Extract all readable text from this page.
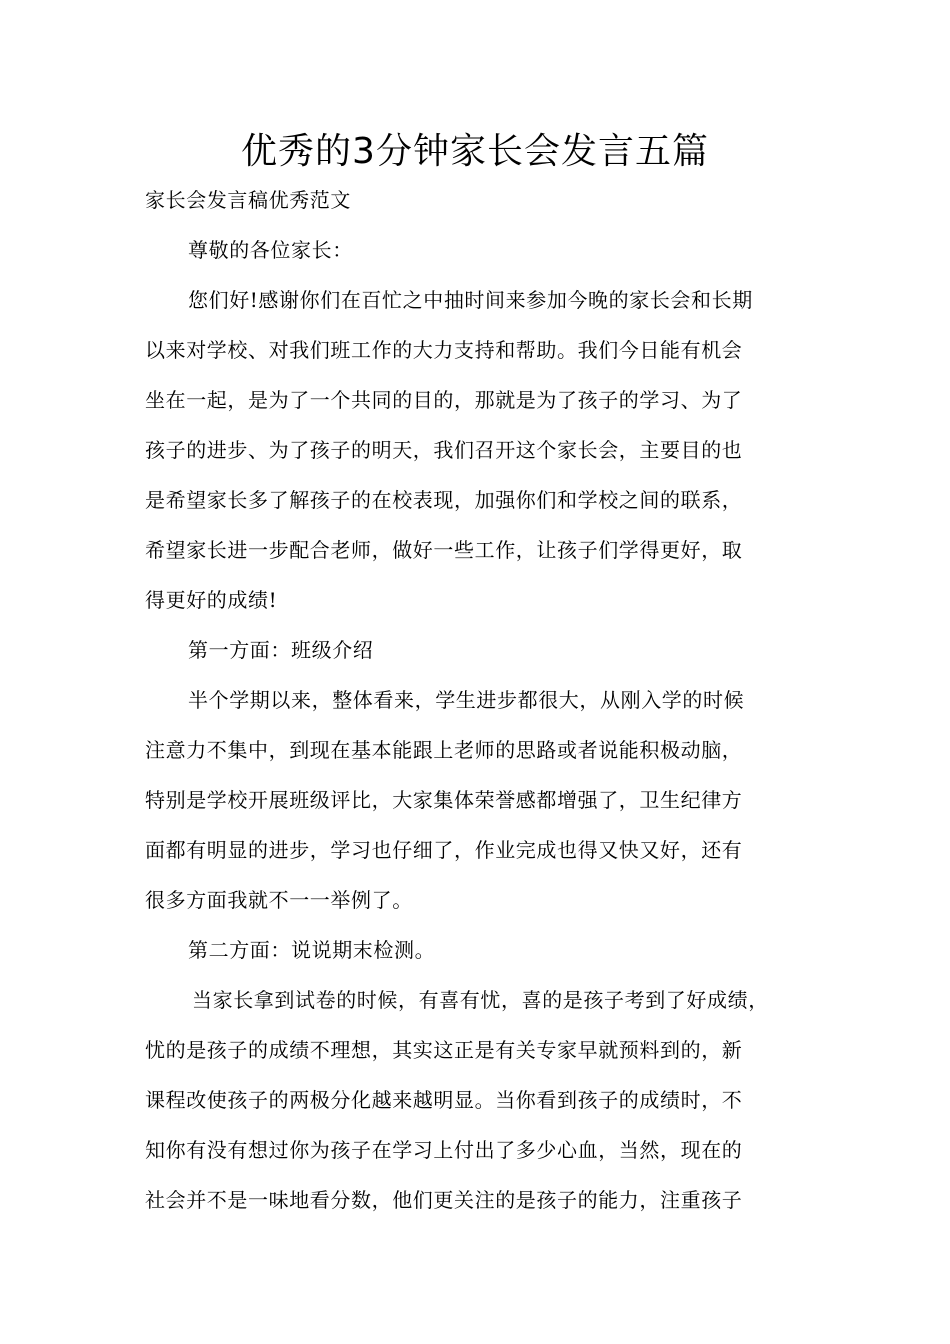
优秀的3分钟家长会发言五篇
家长会发言稿优秀范文
尊敬的各位家长：
您们好!感谢你们在百忙之中抽时间来参加今晚的家长会和长期
以来对学校、对我们班工作的大力支持和帮助。我们今日能有机会
坐在一起，是为了一个共同的目的，那就是为了孩子的学习、为了
孩子的进步、为了孩子的明天，我们召开这个家长会，主要目的也
是希望家长多了解孩子的在校表现，加强你们和学校之间的联系，
希望家长进一步配合老师，做好一些工作，让孩子们学得更好，取
得更好的成绩!
第一方面：班级介绍
半个学期以来，整体看来，学生进步都很大，从刚入学的时候
注意力不集中，到现在基本能跟上老师的思路或者说能积极动脑，
特别是学校开展班级评比，大家集体荣誉感都增强了，卫生纪律方
面都有明显的进步，学习也仔细了，作业完成也得又快又好，还有
很多方面我就不一一举例了。
第二方面：说说期末检测。
当家长拿到试卷的时候，有喜有忧，喜的是孩子考到了好成绩，
忧的是孩子的成绩不理想，其实这正是有关专家早就预料到的，新
课程改使孩子的两极分化越来越明显。当你看到孩子的成绩时，不
知你有没有想过你为孩子在学习上付出了多少心血，当然，现在的
社会并不是一味地看分数，他们更关注的是孩子的能力，注重孩子
